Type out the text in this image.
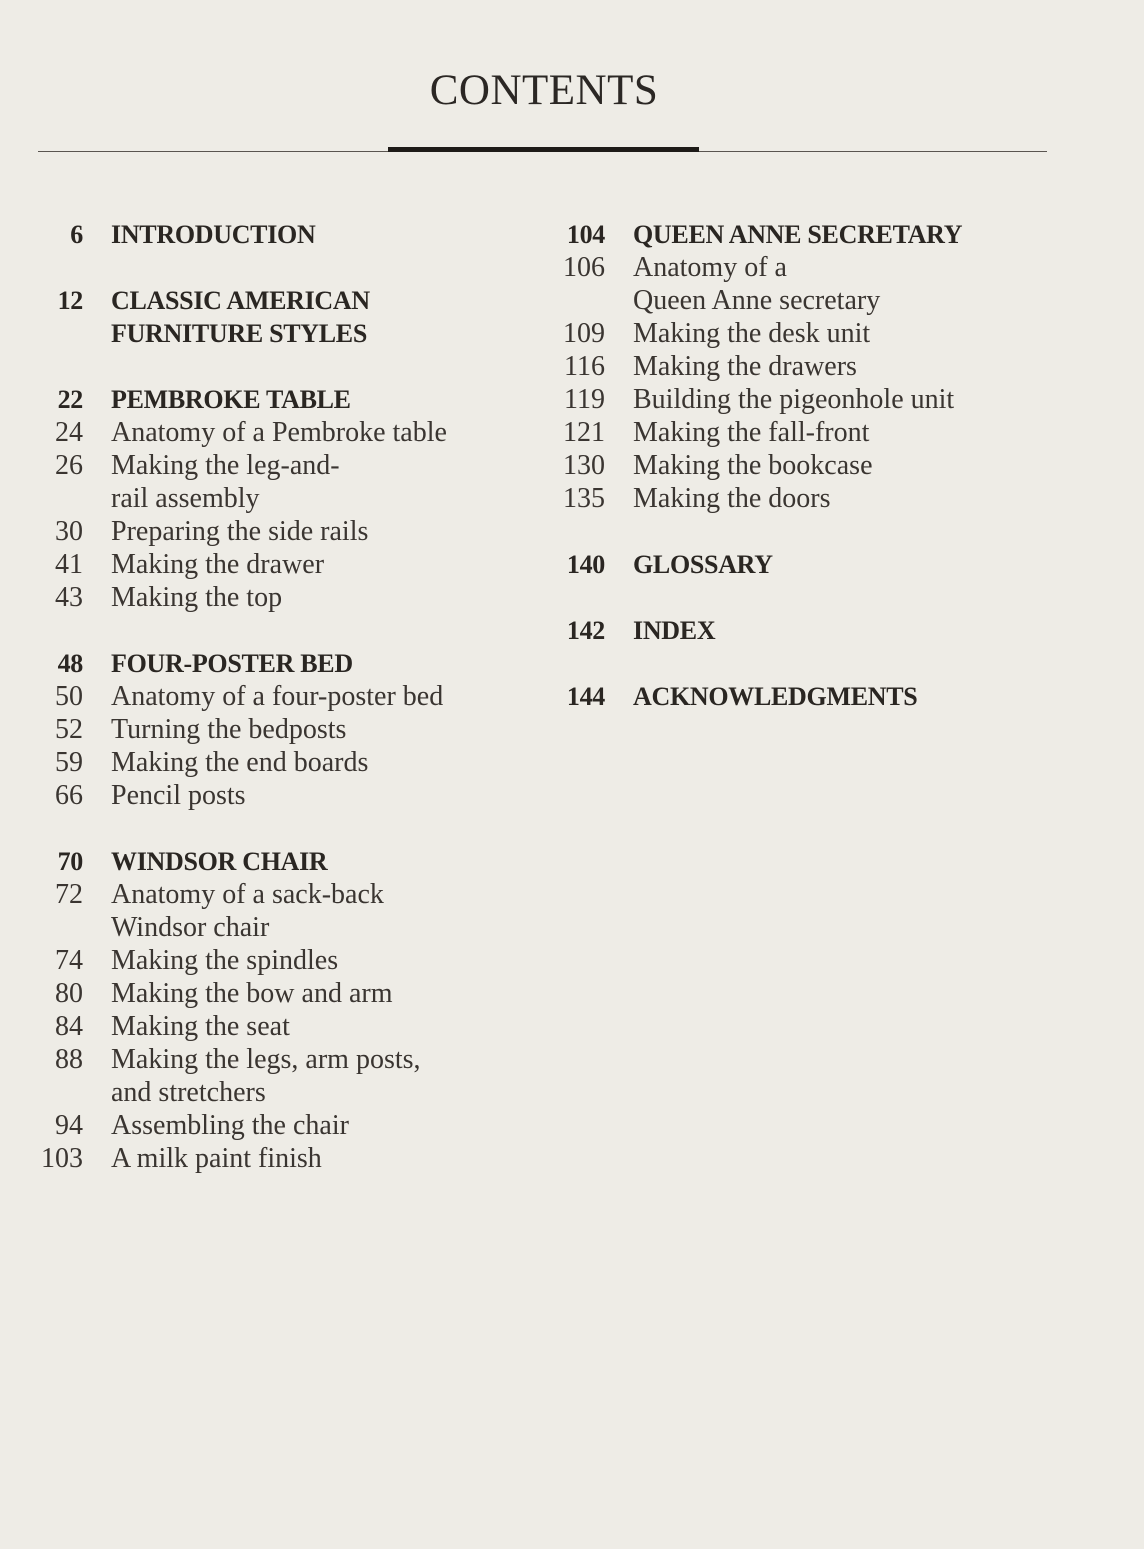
CONTENTS
6	INTRODUCTION
12	CLASSIC AMERICAN
FURNITURE STYLES
22	PEMBROKE TABLE
24	Anatomy of a Pembroke table
26	Making the leg-and-
rail assembly
30	Preparing the side rails
41	Making the drawer
43	Making the top
48	FOUR-POSTER BED
50	Anatomy of a four-poster bed
52	Turning the bedposts
59	Making the end boards
66	Pencil posts
70	WINDSOR CHAIR
72	Anatomy of a sack-back
Windsor chair
74	Making the spindles
80	Making the bow and arm
84	Making the seat
88	Making the legs, arm posts,
and stretchers
94	Assembling the chair
103	A milk paint finish
104	QUEEN ANNE SECRETARY
106	Anatomy of a
Queen Anne secretary
109	Making the desk unit
116	Making the drawers
119	Building the pigeonhole unit
121	Making the fall-front
130	Making the bookcase
135	Making the doors
140	GLOSSARY
142	INDEX
144	ACKNOWLEDGMENTS
